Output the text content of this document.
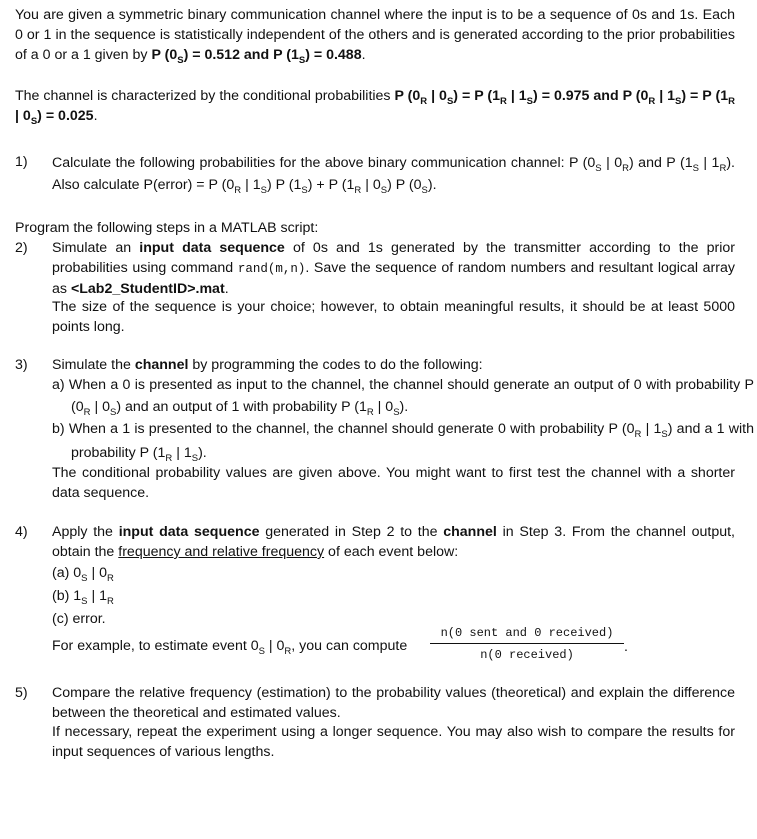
You are given a symmetric binary communication channel where the input is to be a sequence of 0s and 1s. Each 0 or 1 in the sequence is statistically independent of the others and is generated according to the prior probabilities of a 0 or a 1 given by P $(0_S) = 0.512$ and P $(1_S) = 0.488$.
The channel is characterized by the conditional probabilities P ($0_R$ | $0_S) = P$ ($1_R$ | $1_S) = 0.975$ and P ($0_R$ | $1_S) = P$ ($1_R$ | $0_S) = 0.025$.
1) Calculate the following probabilities for the above binary communication channel: P ($0_S$ | $0_R$) and P ($1_S$ | $1_R$). Also calculate P(error) = P ($0_R$ | $1_S$) P $(1_S) + P$ ($1_R$ | $0_S$) P $(0_S)$.
Program the following steps in a MATLAB script:
2) Simulate an input data sequence of 0s and 1s generated by the transmitter according to the prior probabilities using command rand(m,n). Save the sequence of random numbers and resultant logical array as <Lab2_StudentID>.mat.
The size of the sequence is your choice; however, to obtain meaningful results, it should be at least 5000 points long.
3) Simulate the channel by programming the codes to do the following:
a) When a 0 is presented as input to the channel, the channel should generate an output of 0 with probability P ($0_R$ | $0_S$) and an output of 1 with probability P ($1_R$ | $0_S$).
b) When a 1 is presented to the channel, the channel should generate 0 with probability P ($0_R$ | $1_S$) and a 1 with probability P ($1_R$ | $1_S$).
The conditional probability values are given above. You might want to first test the channel with a shorter data sequence.
4) Apply the input data sequence generated in Step 2 to the channel in Step 3. From the channel output, obtain the frequency and relative frequency of each event below:
(a) $0_S$ | $0_R$
(b) $1_S$ | $1_R$
(c) error.
For example, to estimate event $0_S$ | $0_R$, you can compute
n(0 sent and 0 received)
n(0 received)	.
5) Compare the relative frequency (estimation) to the probability values (theoretical) and explain the difference between the theoretical and estimated values.
If necessary, repeat the experiment using a longer sequence. You may also wish to compare the results for input sequences of various lengths.
